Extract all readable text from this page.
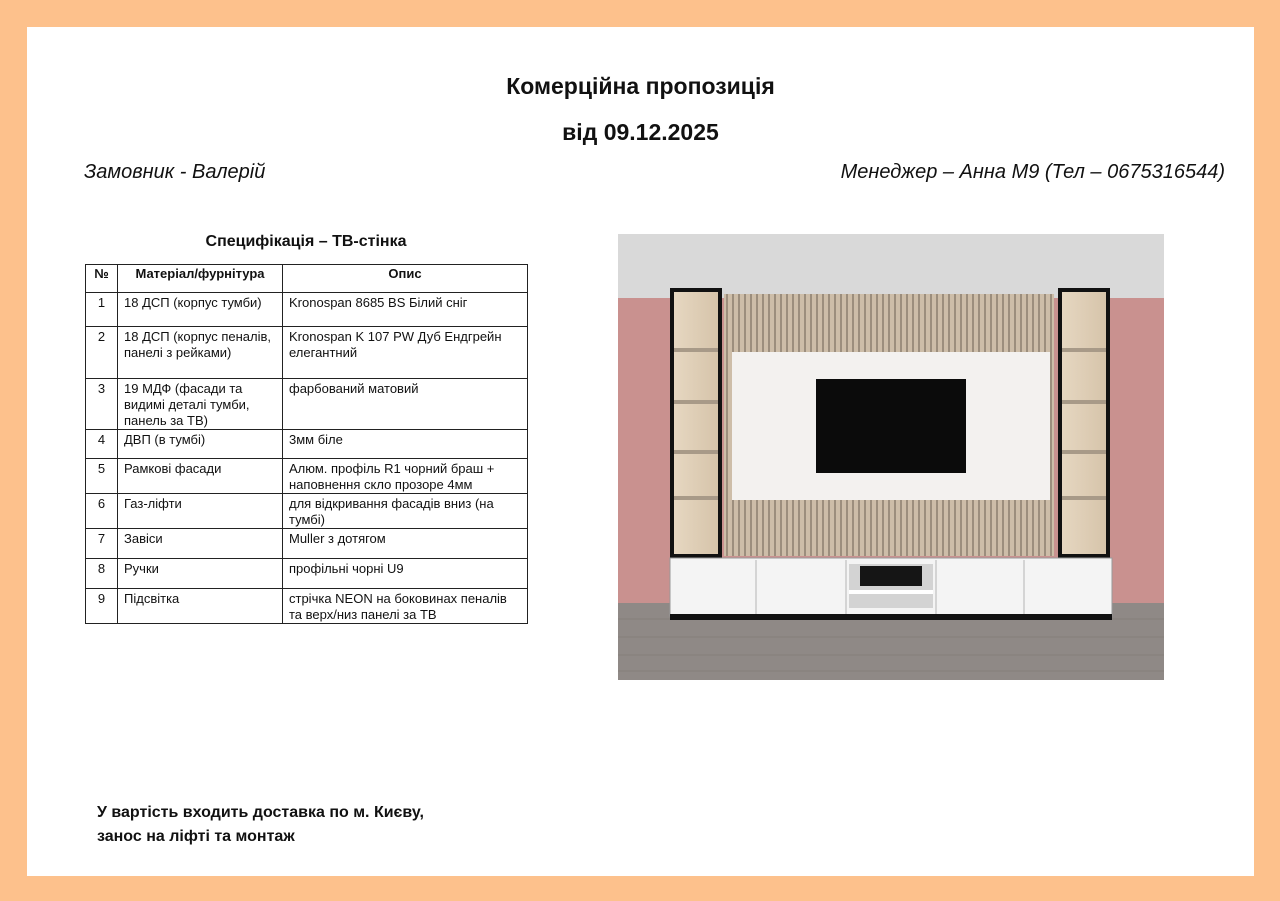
Комерційна пропозиція
від 09.12.2025
Замовник - Валерій	Менеджер – Анна М9 (Тел – 0675316544)
Специфікація – ТВ-стінка
№	Матеріал/фурнітура	Опис
1	18 ДСП (корпус тумби)	Kronospan 8685 BS Білий сніг
2	18 ДСП (корпус пеналів, панелі з рейками)	Kronospan K 107 PW Дуб Ендгрейн елегантний
3	19 МДФ (фасади та видимі деталі тумби, панель за ТВ)	фарбований матовий
4	ДВП (в тумбі)	3мм біле
5	Рамкові фасади	Алюм. профіль R1 чорний браш + наповнення скло прозоре 4мм
6	Газ-ліфти	для відкривання фасадів вниз (на тумбі)
7	Завіси	Muller з дотягом
8	Ручки	профільні чорні U9
9	Підсвітка	стрічка NEON на боковинах пеналів та верх/низ панелі за ТВ
У вартість входить доставка по м. Києву,
занос на ліфті та монтаж
